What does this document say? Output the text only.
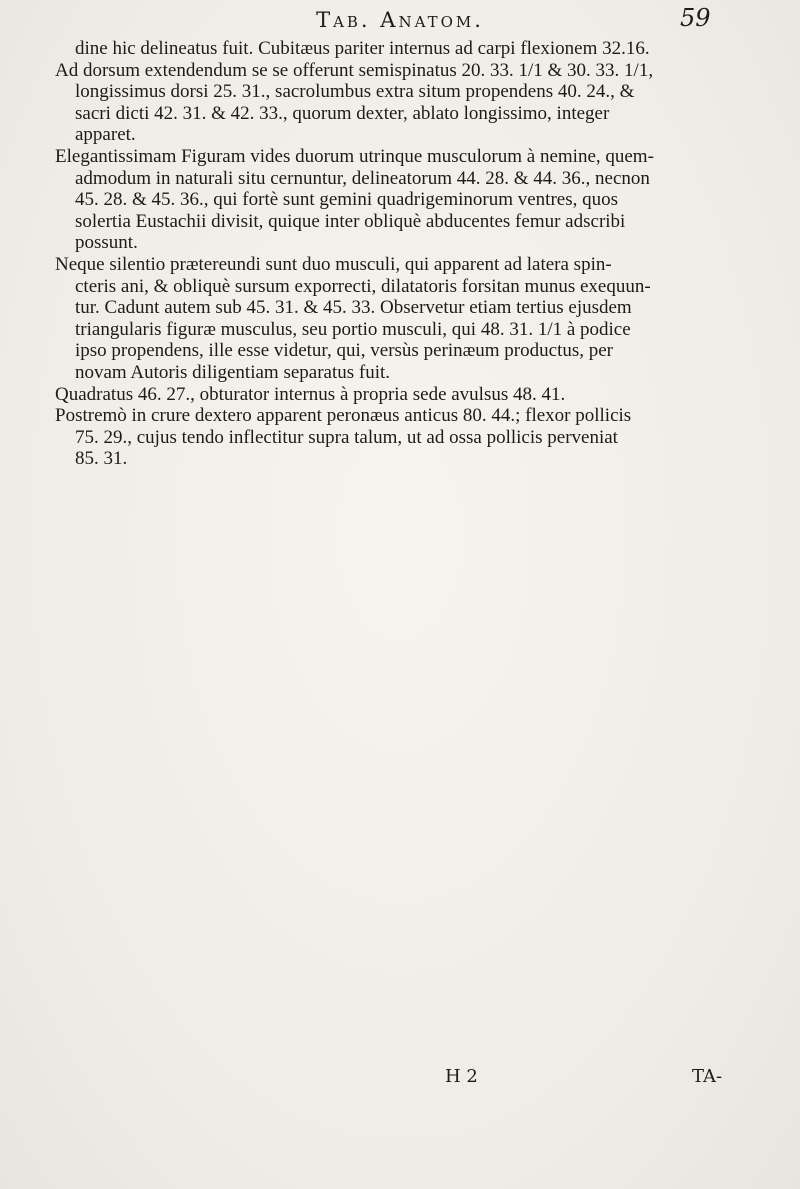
Tab. Anatom.	59
dine hic delineatus fuit. Cubitæus pariter internus ad carpi flexionem 32.16.
Ad dorsum extendendum se se offerunt semispinatus 20. 33. 1/1 & 30. 33. 1/1,
longissimus dorsi 25. 31., sacrolumbus extra situm propendens 40. 24., &
sacri dicti 42. 31. & 42. 33., quorum dexter, ablato longissimo, integer
apparet.
Elegantissimam Figuram vides duorum utrinque musculorum à nemine, quem-
admodum in naturali situ cernuntur, delineatorum 44. 28. & 44. 36., necnon
45. 28. & 45. 36., qui fortè sunt gemini quadrigeminorum ventres, quos
solertia Eustachii divisit, quique inter obliquè abducentes femur adscribi
possunt.
Neque silentio prætereundi sunt duo musculi, qui apparent ad latera spin-
cteris ani, & obliquè sursum exporrecti, dilatatoris forsitan munus exequun-
tur. Cadunt autem sub 45. 31. & 45. 33. Observetur etiam tertius ejusdem
triangularis figuræ musculus, seu portio musculi, qui 48. 31. 1/1 à podice
ipso propendens, ille esse videtur, qui, versùs perinæum productus, per
novam Autoris diligentiam separatus fuit.
Quadratus 46. 27., obturator internus à propria sede avulsus 48. 41.
Postremò in crure dextero apparent peronæus anticus 80. 44.; flexor pollicis
75. 29., cujus tendo inflectitur supra talum, ut ad ossa pollicis perveniat
85. 31.

H 2	TA-
